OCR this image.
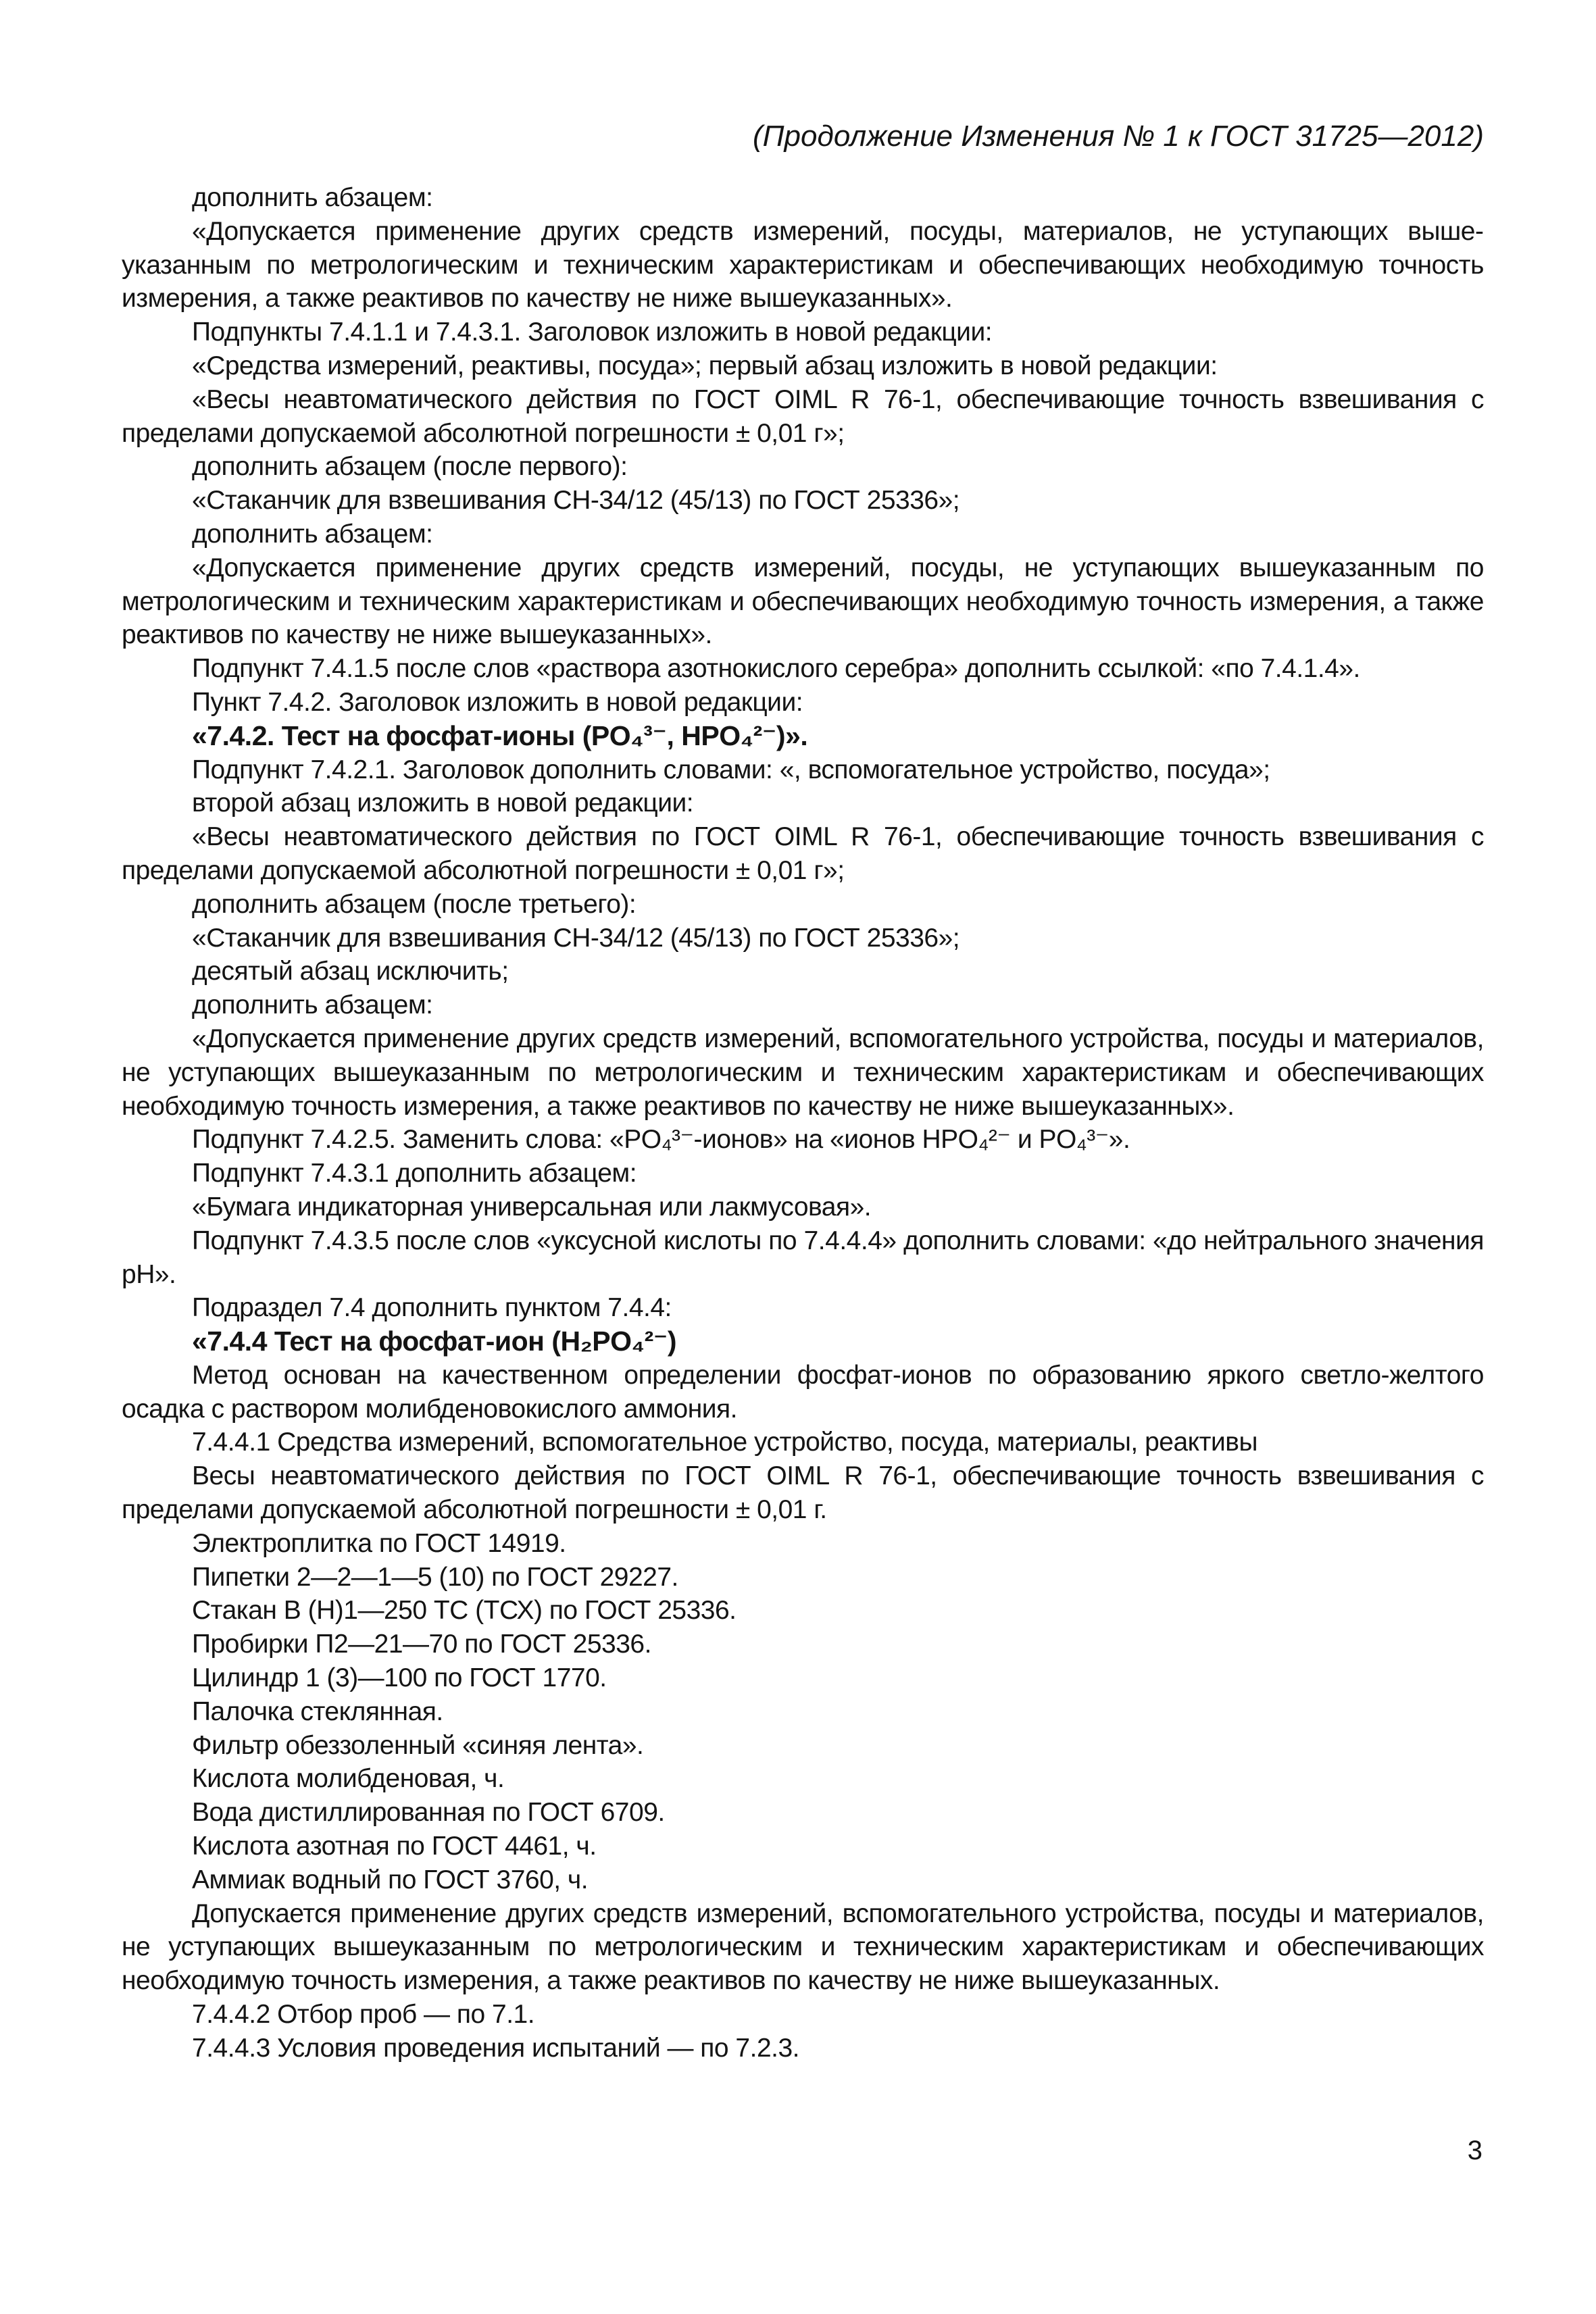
(Продолжение Изменения № 1 к ГОСТ 31725—2012)

дополнить абзацем:

«Допускается применение других средств измерений, посуды, материалов, не уступающих вышеуказанным по метрологическим и техническим характеристикам и обеспечивающих необходимую точность измерения, а также реактивов по качеству не ниже вышеуказанных».

Подпункты 7.4.1.1 и 7.4.3.1. Заголовок изложить в новой редакции:

«Средства измерений, реактивы, посуда»; первый абзац изложить в новой редакции:

«Весы неавтоматического действия по ГОСТ OIML R 76-1, обеспечивающие точность взвешивания с пределами допускаемой абсолютной погрешности ± 0,01 г»;

дополнить абзацем (после первого):

«Стаканчик для взвешивания СН-34/12 (45/13) по ГОСТ 25336»;

дополнить абзацем:

«Допускается применение других средств измерений, посуды, не уступающих вышеуказанным по метрологическим и техническим характеристикам и обеспечивающих необходимую точность измерения, а также реактивов по качеству не ниже вышеуказанных».

Подпункт 7.4.1.5 после слов «раствора азотнокислого серебра» дополнить ссылкой: «по 7.4.1.4».

Пункт 7.4.2. Заголовок изложить в новой редакции:

«7.4.2. Тест на фосфат-ионы (PO₄³⁻, HPO₄²⁻)».

Подпункт 7.4.2.1. Заголовок дополнить словами: «, вспомогательное устройство, посуда»;

второй абзац изложить в новой редакции:

«Весы неавтоматического действия по ГОСТ OIML R 76-1, обеспечивающие точность взвешивания с пределами допускаемой абсолютной погрешности ± 0,01 г»;

дополнить абзацем (после третьего):

«Стаканчик для взвешивания СН-34/12 (45/13) по ГОСТ 25336»;

десятый абзац исключить;

дополнить абзацем:

«Допускается применение других средств измерений, вспомогательного устройства, посуды и материалов, не уступающих вышеуказанным по метрологическим и техническим характеристикам и обеспечивающих необходимую точность измерения, а также реактивов по качеству не ниже вышеуказанных».

Подпункт 7.4.2.5. Заменить слова: «PO₄³⁻-ионов» на «ионов HPO₄²⁻ и PO₄³⁻».

Подпункт 7.4.3.1 дополнить абзацем:

«Бумага индикаторная универсальная или лакмусовая».

Подпункт 7.4.3.5 после слов «уксусной кислоты по 7.4.4.4» дополнить словами: «до нейтрального значения pH».

Подраздел 7.4 дополнить пунктом 7.4.4:

«7.4.4 Тест на фосфат-ион (H₂PO₄²⁻)

Метод основан на качественном определении фосфат-ионов по образованию яркого светло-желтого осадка с раствором молибденовокислого аммония.

7.4.4.1 Средства измерений, вспомогательное устройство, посуда, материалы, реактивы

Весы неавтоматического действия по ГОСТ OIML R 76-1, обеспечивающие точность взвешивания с пределами допускаемой абсолютной погрешности ± 0,01 г.

Электроплитка по ГОСТ 14919.

Пипетки 2—2—1—5 (10) по ГОСТ 29227.

Стакан В (Н)1—250 ТС (ТСХ) по ГОСТ 25336.

Пробирки П2—21—70 по ГОСТ 25336.

Цилиндр 1 (3)—100 по ГОСТ 1770.

Палочка стеклянная.

Фильтр обеззоленный «синяя лента».

Кислота молибденовая, ч.

Вода дистиллированная по ГОСТ 6709.

Кислота азотная по ГОСТ 4461, ч.

Аммиак водный по ГОСТ 3760, ч.

Допускается применение других средств измерений, вспомогательного устройства, посуды и материалов, не уступающих вышеуказанным по метрологическим и техническим характеристикам и обеспечивающих необходимую точность измерения, а также реактивов по качеству не ниже вышеуказанных.

7.4.4.2 Отбор проб — по 7.1.

7.4.4.3 Условия проведения испытаний — по 7.2.3.

3
